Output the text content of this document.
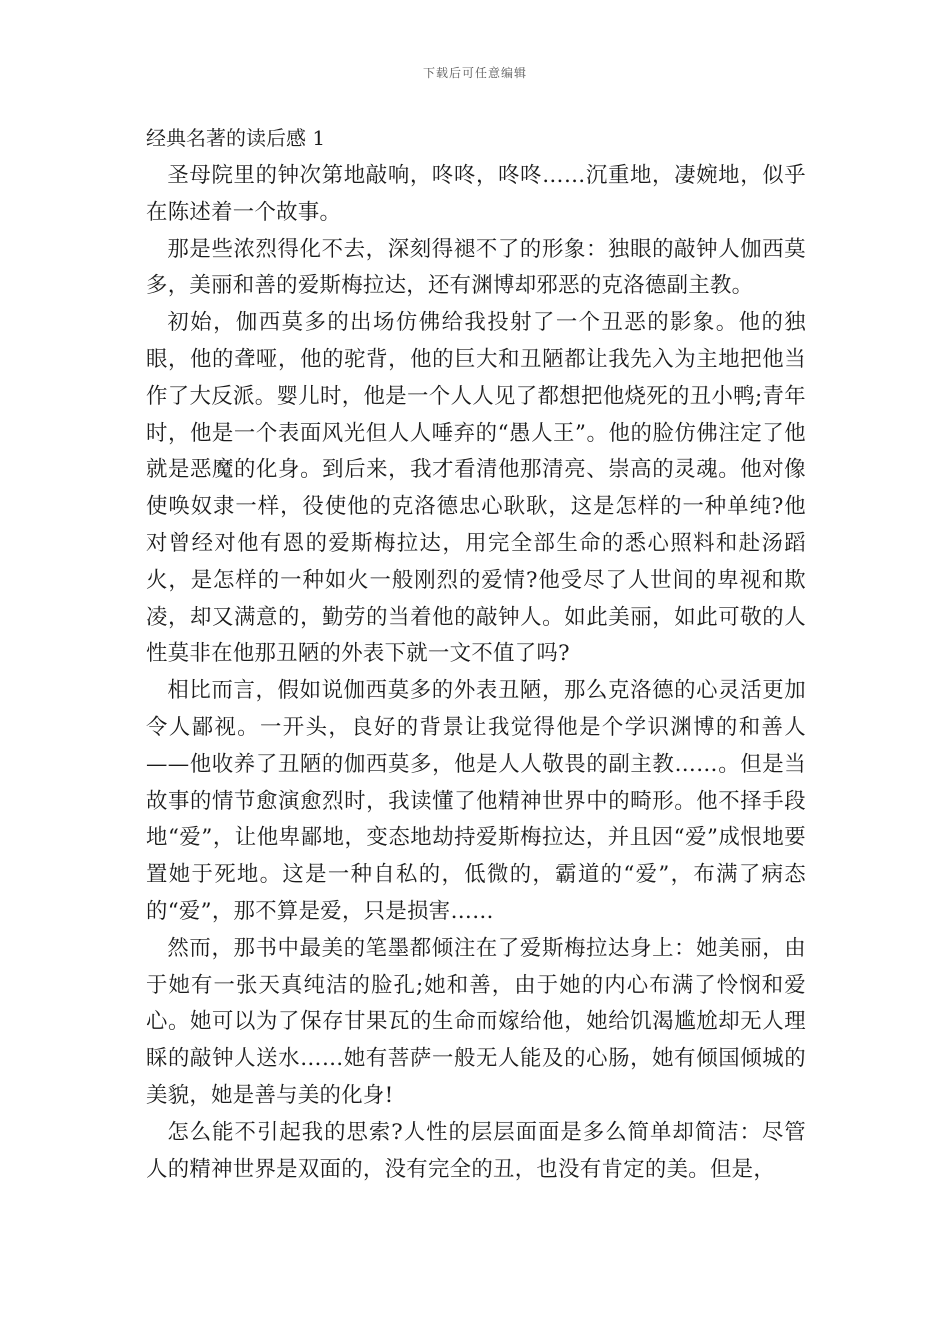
下载后可任意编辑
经典名著的读后感 1

圣母院里的钟次第地敲响，咚咚，咚咚……沉重地，凄婉地，似乎在陈述着一个故事。

那是些浓烈得化不去，深刻得褪不了的形象：独眼的敲钟人伽西莫多，美丽和善的爱斯梅拉达，还有渊博却邪恶的克洛德副主教。

初始，伽西莫多的出场仿佛给我投射了一个丑恶的影象。他的独眼，他的聋哑，他的驼背，他的巨大和丑陋都让我先入为主地把他当作了大反派。婴儿时，他是一个人人见了都想把他烧死的丑小鸭;青年时，他是一个表面风光但人人唾弃的“愚人王”。他的脸仿佛注定了他就是恶魔的化身。到后来，我才看清他那清亮、崇高的灵魂。他对像使唤奴隶一样，役使他的克洛德忠心耿耿，这是怎样的一种单纯?他对曾经对他有恩的爱斯梅拉达，用完全部生命的悉心照料和赴汤蹈火，是怎样的一种如火一般刚烈的爱情?他受尽了人世间的卑视和欺凌，却又满意的，勤劳的当着他的敲钟人。如此美丽，如此可敬的人性莫非在他那丑陋的外表下就一文不值了吗?

相比而言，假如说伽西莫多的外表丑陋，那么克洛德的心灵活更加令人鄙视。一开头，良好的背景让我觉得他是个学识渊博的和善人——他收养了丑陋的伽西莫多，他是人人敬畏的副主教……。但是当故事的情节愈演愈烈时，我读懂了他精神世界中的畸形。他不择手段地“爱”，让他卑鄙地，变态地劫持爱斯梅拉达，并且因“爱”成恨地要置她于死地。这是一种自私的，低微的，霸道的“爱”，布满了病态的“爱”，那不算是爱，只是损害……

然而，那书中最美的笔墨都倾注在了爱斯梅拉达身上：她美丽，由于她有一张天真纯洁的脸孔;她和善，由于她的内心布满了怜悯和爱心。她可以为了保存甘果瓦的生命而嫁给他，她给饥渴尴尬却无人理睬的敲钟人送水……她有菩萨一般无人能及的心肠，她有倾国倾城的美貌，她是善与美的化身!

怎么能不引起我的思索?人性的层层面面是多么简单却简洁：尽管人的精神世界是双面的，没有完全的丑，也没有肯定的美。但是，
